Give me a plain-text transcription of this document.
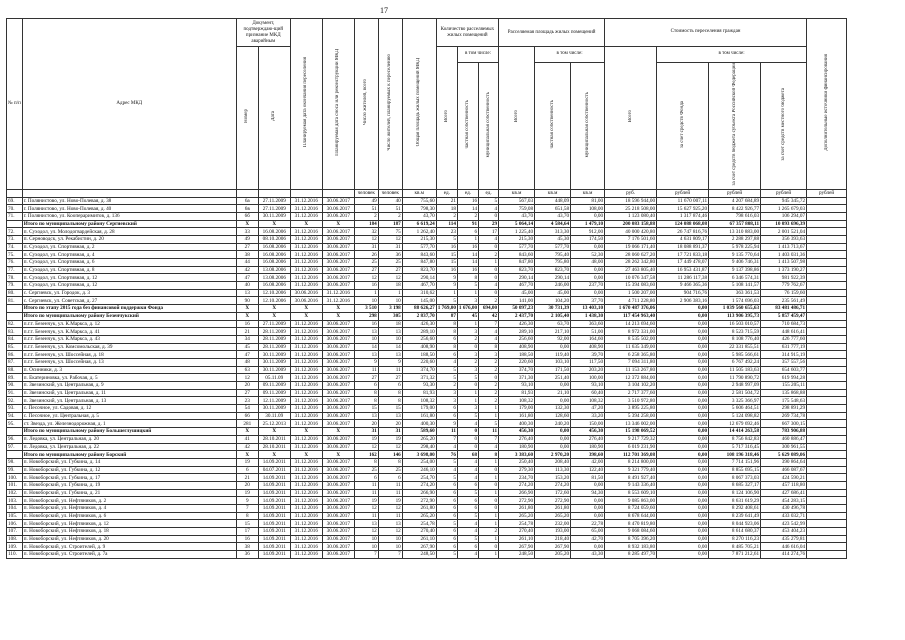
17
№ п/п	Адрес МКД	Документ, подтверждаю-щий признание МКД аварийным		Планируемая дата окончания переселения	Планируемая дата сноса или реконструкции МКД	Число жителей, всего	Число жителей, планируемых к переселению	Общая площадь жилых помещений МКД	Количество расселяемых жилых помещений			Расселяемая площадь жилых помещений			Стоимость переселения граждан				Дополнительные источники финансирования
		Номер	Дата						Всего	в том числе:		Всего	в том числе:		Всего	в том числе:			
										частная собственность	муниципальная собственность		частная собственность	муниципальная собственность		за счет средств Фонда	за счет средств бюджета субъекта Российской Федерации	за счет средств местного бюджета	
						человек	человек	кв.м	ед.	ед.	ед.	кв.м	кв.м	кв.м	руб.	рублей	рублей	рублей	рублей
69.	г. Полянистово, ул. Ново-Полевая, д. 38	6а	27.11.2009	31.12.2016	30.06.2017	49	40	755,60	21	16	5	567,03	448,09	81,00	18 596 944,00	11 670 007,11	4 207 684,89	945 345,72	
70.	г. Полянистово, ул. Ново-Полевая, д. 40	6в	27.11.2009	31.12.2016	30.06.2017	51	51	798,30	18	14	4	759,08	651,58	108,00	25 218 508,00	15 627 925,20	8 422 926,77	1 265 679,03	
71.	г. Полянистово, ул. Коопераримитов, д. 136	6б	30.11.2009	31.12.2016	30.06.2017	2	2	43,70	2	2	0	43,70	43,70	0,00	1 123 080,40	1 317 874,46	798 616,03	106 294,07	
	Итого по муниципальному району Сергиевский	X	X	X	X	184	187	6 619,24	114	91	29	5 064,14	4 584,64	1 479,10	200 083 158,88	124 088 068,08	67 357 808,11	10 093 696,39	
72.	п. Суходол, ул. Молодогвардейская, д. 28	33	16.08.2006	31.12.2016	30.06.2017	32	75	1 262,40	23	6	17	1 225,40	313,30	912,00	40 000 420,80	26 747 816,76	13 310 883,00	2 001 521,04	
73.	п. Серноводск, ул. Рекабистин, д. 20	49	08.10.2006	31.12.2016	30.06.2017	12	12	215,30	5	1	4	215,30	45,30	174,50	7 176 501,60	4 631 809,17	2 288 297,88	356 393,63	
74.	п. Суходол, ул. Спортивная, д. 2	27	16.08.2006	31.12.2016	30.06.2017	31	31	577,70	16	16	0	577,70	577,70	0,00	19 066 171,40	18 088 891,37	5 978 225,94	1 413 713,67	
75.	п. Суходол, ул. Спортивная, д. 4	38	16.08.2006	31.12.2016	30.06.2017	26	36	843,60	15	14	2	843,60	795,40	52,30	28 060 627,20	17 721 833,18	9 135 770,64	1 403 031,36	
76.	п. Суходол, ул. Спортивная, д. 6	44	16.08.2006	31.12.2016	30.06.2017	25	25	847,80	15	14	1	847,80	795,80	48,00	28 262 342,80	17 449 478,07	9 406 746,31	1 413 507,98	
77.	п. Суходол, ул. Спортивная, д. 8	42	13.08.2006	31.12.2016	30.06.2017	27	27	823,70	16	16	0	823,70	823,70	0,00	27 463 805,40	16 953 431,87	9 137 398,86	1 373 190,27	
78.	п. Суходол, ул. Спортивная, д. 12	47	13.08.2006	31.12.2016	30.06.2017	12	12	290,14	9	8	0	290,14	290,14	0,00	10 076 347,58	11 286 117,38	6 346 574,31	981 922,39	
79.	п. Суходол, ул. Спортивная, д. 12	40	16.08.2006	31.12.2016	30.06.2017	16	18	467,70	9	5	4	467,70	246,00	237,70	15 394 083,60	9 466 365,36	5 108 141,57	779 762,67	
80.	с. Сергиевск, ул. Городок, д. 3	13	12.10.2006	30.06.2016	31.12.2016	1	1	310,62	1	1	0	45,00	45,00	0,00	1 500 207,00	904 716,76	363 361,53	76 159,60	
81.	с. Сергиевск, ул. Советская, д. 27	90	12.10.2006	30.06.2016	31.12.2016	10	10	145,00	5	3	2	141,00	104,20	37,70	4 711 228,80	2 906 383,16	1 574 696,03	235 561,49	
	Итого по этапу 2015 года без финансовой поддержки Фонда	X	X	X	X	3 510	3 198	88 626,27	1 769,00	1 676,00	694,00	50 097,23	30 731,39	13 403,10	1 670 487 376,06	0,00	1 039 560 655,63	83 481 486,71	
	Итого по муниципальному району Безенчукский	X	X	X	X	298	305	2 837,70	87	45	42	2 437,70	2 105,40	1 438,30	117 454 963,40	0,00	113 906 395,73	5 857 459,47	
82.	п.г.т. Безенчук, ул. К.Маркса, д. 12	16	27.11.2009	31.12.2016	30.06.2017	16	18	426,30	8	1	7	426,30	63,70	363,60	14 213 694,60	0,00	16 503 010,57	710 684,73	
83.	п.г.т. Безенчук, ул. К.Маркса, д. 41	21	28.11.2009	31.12.2016	30.06.2017	13	13	289,10	8	3	4	289,10	217,10	51,00	8 972 331,00	0,00	8 523 715,59	448 616,41	
84.	п.г.т. Безенчук, ул. К.Маркса, д. 43	34	28.11.2009	31.12.2016	30.06.2017	10	10	256,60	6	2	4	256,60	92,00	164,60	8 535 502,00	0,00	8 108 776,40	426 777,60	
85.	п.г.т. Безенчук, ул. Комсомольская, д. 39	45	28.11.2009	31.12.2016	30.06.2017	14	14	408,90	8	0	8	408,90	0,00	408,90	11 635 349,00	0,00	22 331 855,51	631 777,19	
86.	п.г.т. Безенчук, ул. Шоссейная, д. 18	47	30.11.2009	31.12.2016	30.06.2017	13	13	188,50	6	3	3	188,50	119,40	39,70	6 258 365,80	0,00	5 985 566,61	314 915,19	
87.	п.г.т. Безенчук, ул. Шоссейная, д. 13	48	30.11.2009	31.12.2016	30.06.2017	9	9	220,60	4	2	2	220,60	103,10	117,50	7 094 311,80	0,00	6 767 492,24	357 557,56	
88.	п. Осинники, д. 3	63	30.11.2009	31.12.2016	30.06.2017	11	11	374,70	5	3	2	374,70	171,50	203,20	11 153 267,80	0,00	11 505 183,63	654 603,77	
89.	п. Екатериновка, ул. Рабочая, д. 5	12	05.11.09	31.12.2016	30.06.2017	27	27	371,32	5	5	0	371,30	251,40	100,00	12 372 884,00	0,00	11 790 890,72	619 994,28	
90.	п. Звезинский, ул. Центральная, д. 9	20	09.11.2009	31.12.2016	30.06.2017	6	6	93,30	2	0	2	93,10	0,00	93,10	3 104 102,20	0,00	2 948 997,09	155 205,11	
91.	п. Звезинский, ул. Центральная, д. 11	27	09.11.2009	31.12.2016	30.06.2017	8	8	81,93	3	1	2	81,93	21,10	60,40	2 717 377,60	0,00	2 581 504,72	135 868,88	
92.	п. Звезинский, ул. Центральная, д. 13	23	12.11.2009	31.12.2016	30.06.2017	8	8	108,32	3	1	2	108,32	0,00	108,32	3 510 972,80	0,00	3 325 366,97	175 548,63	
93.	с. Песочное, ул. Садовая, д. 12	54	30.11.2009	31.12.2016	30.06.2017	15	15	179,00	6	3	1	179,00	132,30	47,20	3 895 225,80	0,00	5 606 464,51	298 891,29	
94.	с. Песочное, ул. Центральная, д. 5	66	30.11.09	31.12.2016	30.06.2017	13	13	161,80	6	5	1	161,80	128,60	33,20	5 394 258,00	0,00	5 124 098,82	269 734,78	
95.	ст. Звезда, ул. Железнодорожная, д. 1	281	25.12.2013	31.12.2016	30.06.2017	20	20	400,30	9	4	5	400,30	240,20	150,00	13 346 002,00	0,00	12 679 692,46	667 300,15	
	Итого по муниципальному району Большеглушицкий	X	X	X	X	31	31	589,60	11	0	11	456,30	0,00	456,30	15 198 069,52	0,00	14 414 263,58	783 906,88	
96.	п. Ледовка, ул. Центральная, д. 20	41	28.10.2011	31.12.2016	30.06.2017	19	19	265,20	7	0	7	276,40	0,00	276,40	9 217 729,32	0,00	8 756 842,83	460 886,47	
97.	п. Ледовка, ул. Центральная, д. 22	42	28.10.2011	31.12.2016	30.06.2017	12	12	298,40	4	0	4	180,90	0,00	180,90	6 019 231,90	0,00	5 717 316,45	300 961,55	
	Итого по муниципальному району Борский	X	X	X	X	162	146	3 698,00	76	68	8	3 383,60	2 970,20	398,60	112 701 369,08	0,00	108 196 318,46	5 629 089,06	
98.	п. Новоборский, ул. Губкина, д. 14	19	14.09.2011	31.12.2016	30.06.2017	8	8	254,00	5	4	1	250,40	208,40	42,00	8 214 800,00	0,00	7 714 151,96	390 864,64	
99.	п. Новоборский, ул. Губкина, д. 12	6	04.07.2011	31.12.2016	30.06.2017	25	25	246,10	4	4	0	279,30	113,30	122,40	9 321 779,40	0,00	8 855 695,15	466 087,67	
100.	п. Новоборский, ул. Губкина, д. 17	21	14.09.2011	31.12.2016	30.06.2017	6	6	254,70	5	4	1	234,70	153,20	81,50	8 491 927,40	0,00	8 067 373,03	424 590,21	
101.	п. Новоборский, ул. Губкина, д. 19	20	14.09.2011	31.12.2016	30.06.2017	11	11	274,20	6	6	0	274,20	274,20	0,00	9 143 336,40	0,00	8 685 327,17	457 118,80	
102.	п. Новоборский, ул. Губкина, д. 21	19	14.09.2011	31.12.2016	30.06.2017	11	11	266,90	6	5	1	266,90	172,60	94,30	8 553 609,10	0,00	8 124 106,90	427 686,41	
103.	п. Новоборский, ул. Нефтяников, д. 2	9	14.09.2011	31.12.2016	30.06.2017	19	19	272,90	6	6	0	272,90	272,90	0,00	9 085 863,00	0,00	8 631 619,29	454 283,15	
104.	п. Новоборский, ул. Нефтяников, д. 4	7	14.09.2011	31.12.2016	30.06.2017	12	12	261,80	6	6	0	261,80	261,80	0,00	8 724 059,60	0,00	8 292 408,61	430 496,78	
105.	п. Новоборский, ул. Нефтяников, д. 6	8	14.09.2011	31.12.2016	30.06.2017	11	11	265,20	6	5	1	265,20	265,20	0,00	8 678 644,00	0,00	8 239 641,49	433 032,71	
106.	п. Новоборский, ул. Нефтяников, д. 12	15	14.09.2011	31.12.2016	30.06.2017	13	13	254,78	5	4	1	254,78	232,00	22,78	8 470 819,80	0,00	8 044 923,06	423 542,99	
107.	п. Новоборский, ул. Нефтяников, д. 18	17	14.09.2011	31.12.2016	30.06.2017	12	12	270,40	6	4	2	270,40	193,00	65,00	9 068 084,60	0,00	8 614 680,37	453 404,23	
108.	п. Новоборский, ул. Нефтяников, д. 20	16	14.09.2011	31.12.2016	30.06.2017	10	10	261,10	6	5	1	261,10	218,40	42,70	8 705 396,20	0,00	8 270 116,23	435 279,81	
109.	п. Новоборский, ул. Строителей, д. 9	38	14.09.2011	31.12.2016	30.06.2017	10	10	267,90	6	6	0	267,90	267,90	0,00	8 932 183,80	0,00	8 485 705,21	446 616,04	
110.	п. Новоборский, ул. Строителей, д. 7а	36	14.09.2011	31.12.2016	30.06.2017	7	7	248,50	5	4	1	248,50	205,20	43,30	8 285 497,70	0,00	7 871 212,61	414 274,76	
